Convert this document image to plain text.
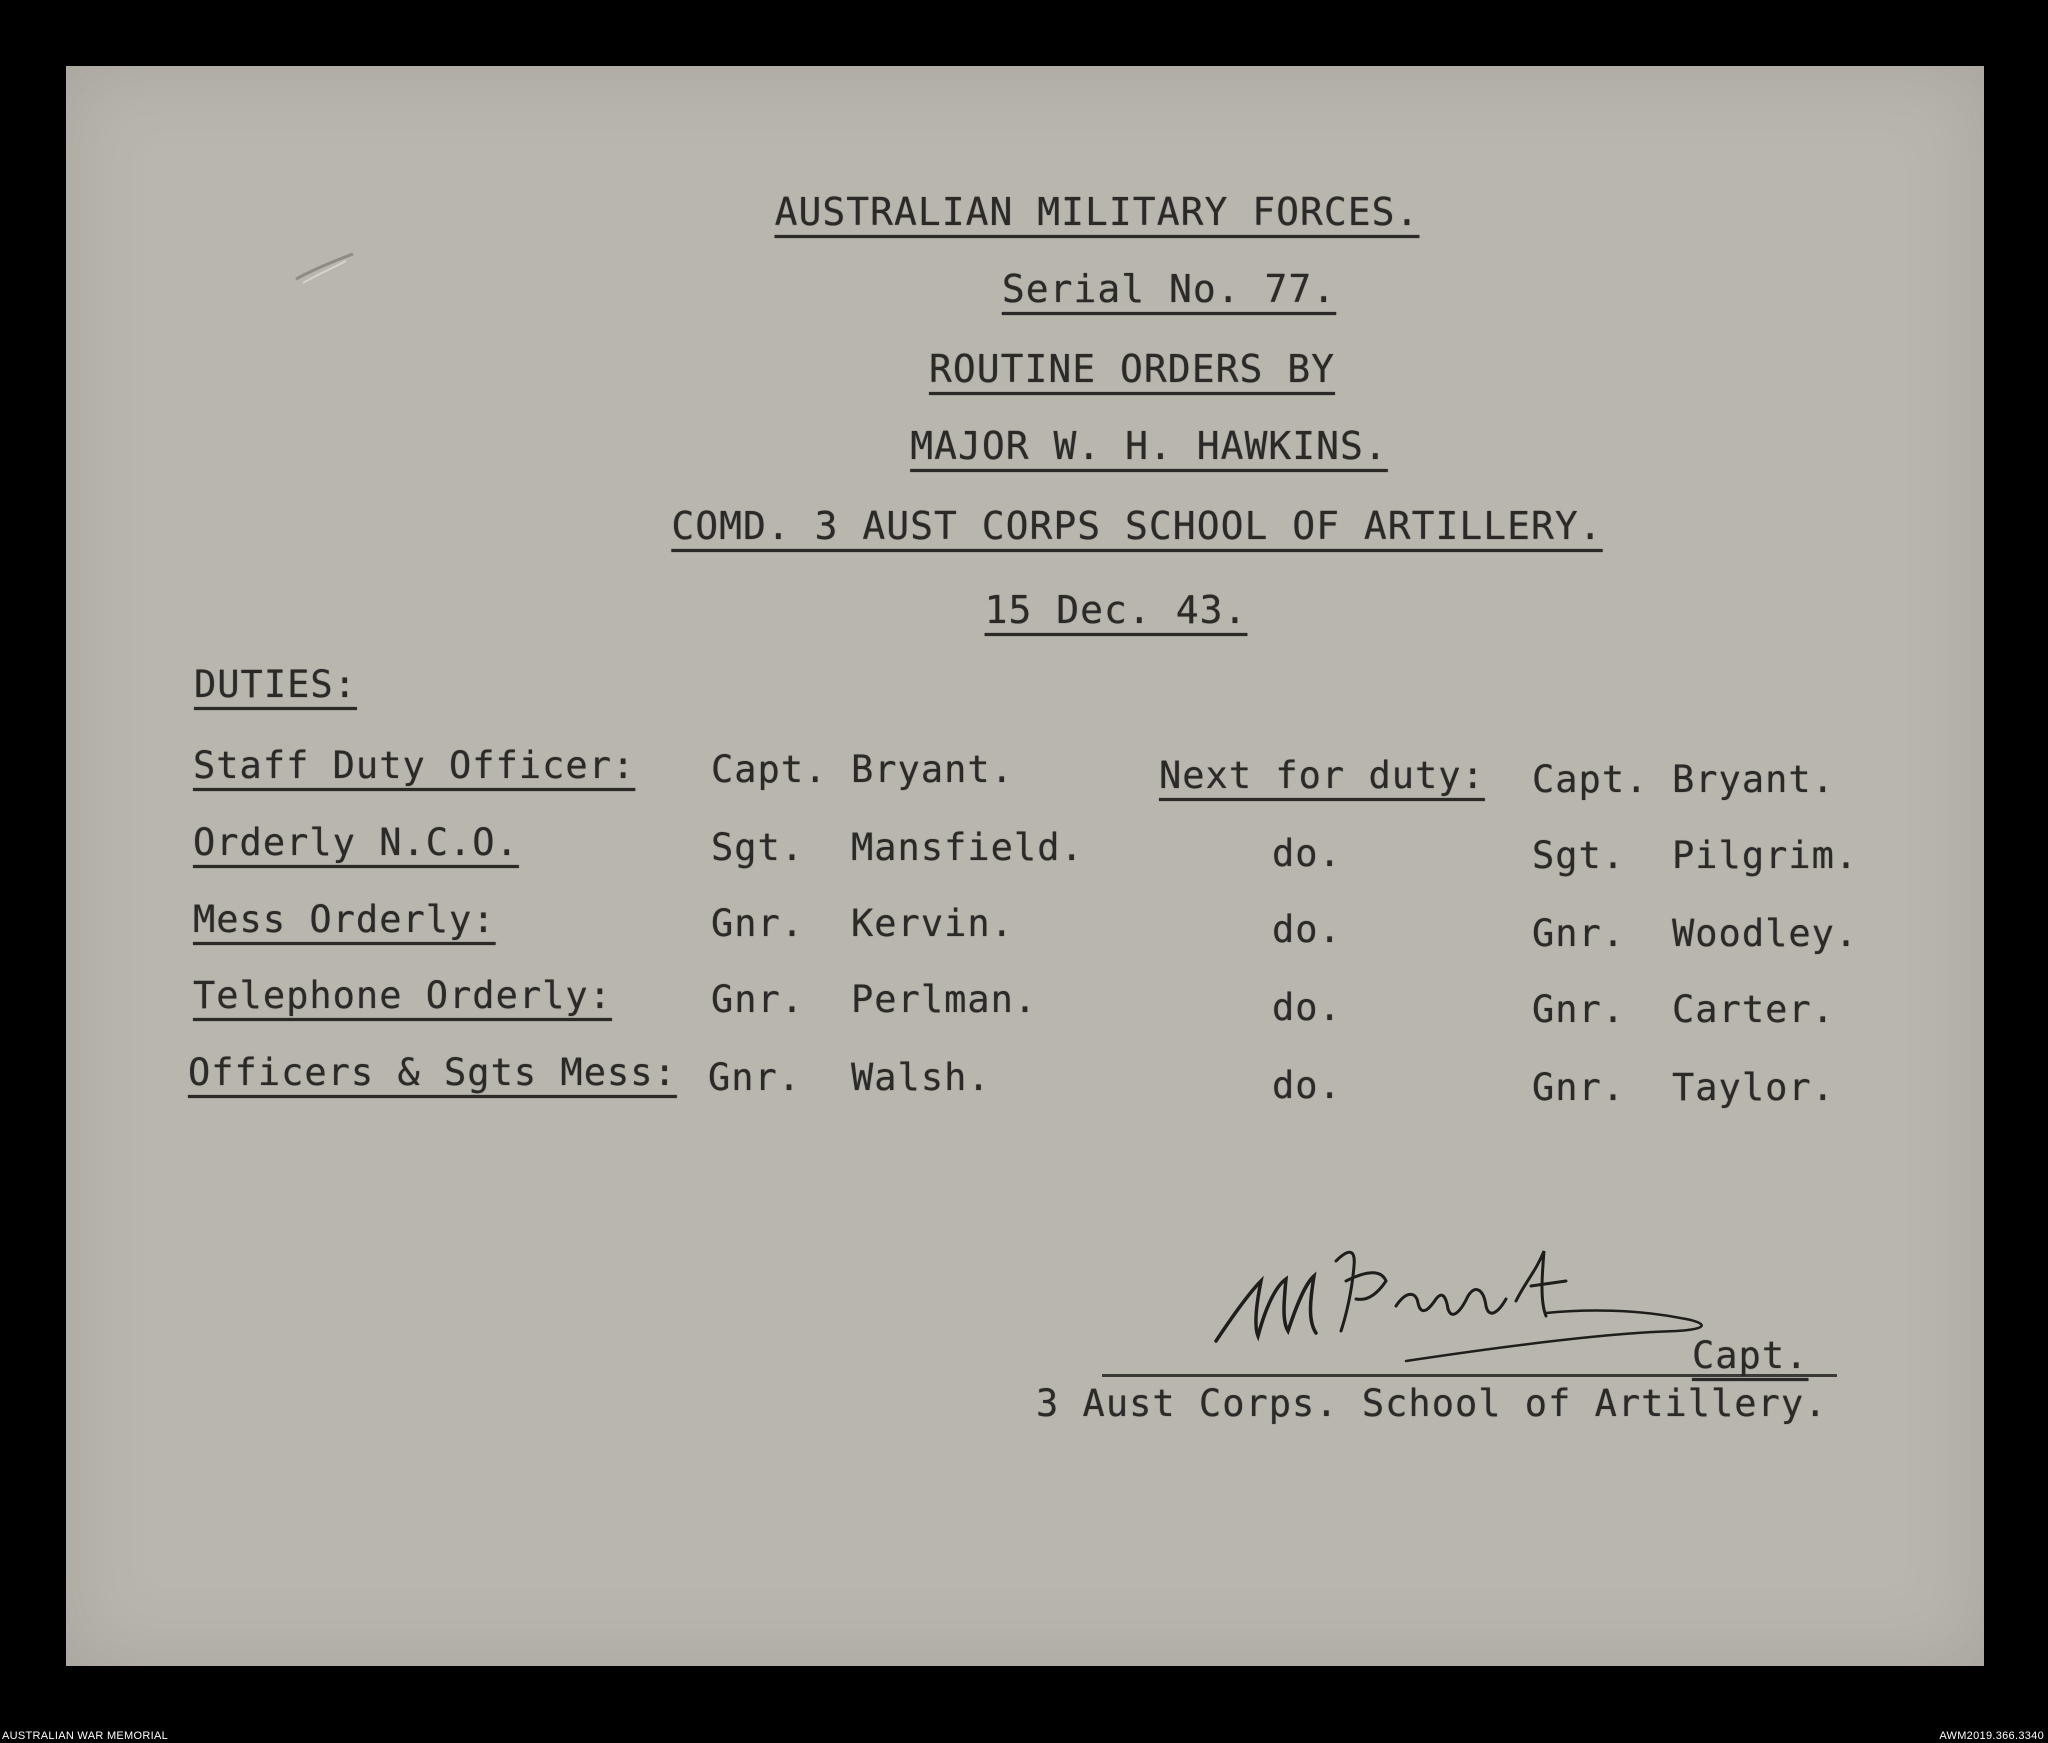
AUSTRALIAN MILITARY FORCES.
Serial No. 77.
ROUTINE ORDERS BY
MAJOR W. H. HAWKINS.
COMD. 3 AUST CORPS SCHOOL OF ARTILLERY.
15 Dec. 43.
DUTIES:
Staff Duty Officer: Capt. Bryant.	Next for duty: Capt. Bryant.
Orderly N.C.O.	Sgt. Mansfield.	do.	Sgt. Pilgrim.
Mess Orderly:	Gnr. Kervin.	do.	Gnr. Woodley.
Telephone Orderly:	Gnr. Perlman.	do.	Gnr. Carter.
Officers & Sgts Mess: Gnr. Walsh.	do.	Gnr. Taylor.
Capt.
3 Aust Corps. School of Artillery.
AUSTRALIAN WAR MEMORIAL	AWM2019.366.3340
